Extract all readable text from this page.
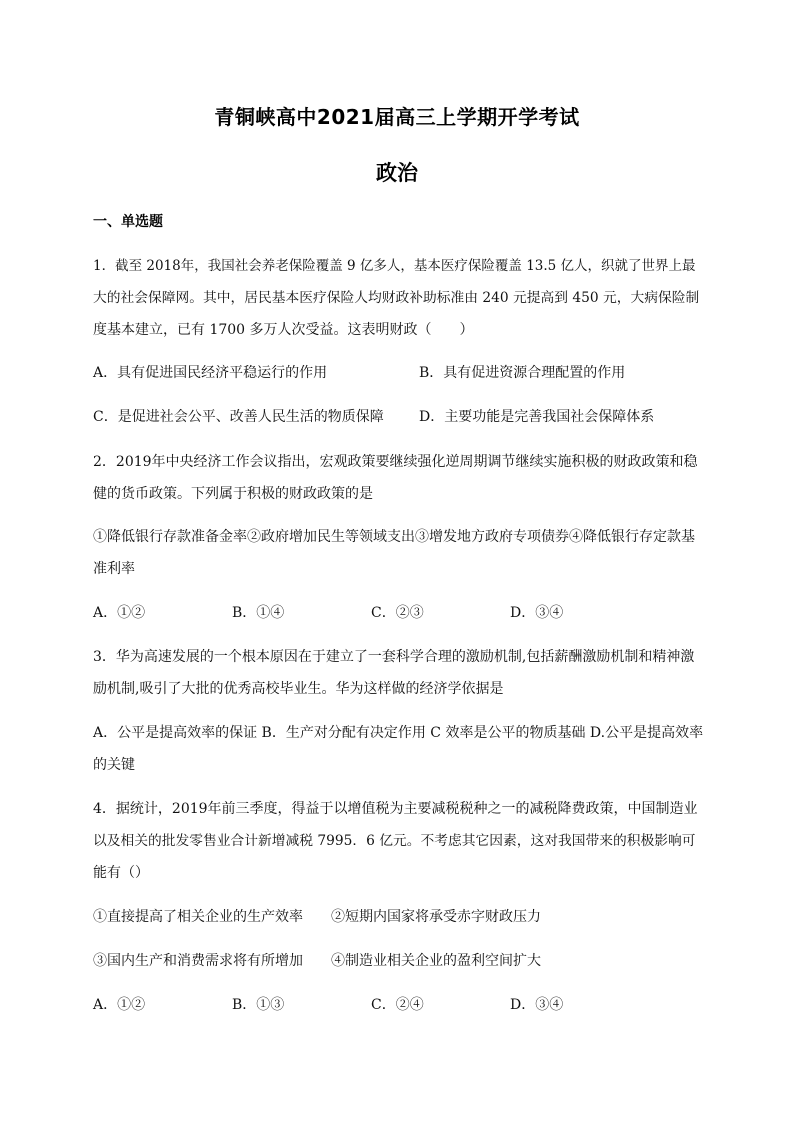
青铜峡高中2021届高三上学期开学考试
政治
一、单选题
1．截至 2018年，我国社会养老保险覆盖 9 亿多人，基本医疗保险覆盖 13.5 亿人，织就了世界上最
大的社会保障网。其中，居民基本医疗保险人均财政补助标准由 240 元提高到 450 元，大病保险制
度基本建立，已有 1700 多万人次受益。这表明财政（　　）
A．具有促进国民经济平稳运行的作用	B．具有促进资源合理配置的作用
C．是促进社会公平、改善人民生活的物质保障	D．主要功能是完善我国社会保障体系
2．2019年中央经济工作会议指出，宏观政策要继续强化逆周期调节继续实施积极的财政政策和稳
健的货币政策。下列属于积极的财政政策的是
①降低银行存款准备金率②政府增加民生等领域支出③增发地方政府专项债券④降低银行存定款基
准利率
A．①②	B．①④	C．②③	D．③④
3．华为高速发展的一个根本原因在于建立了一套科学合理的激励机制,包括薪酬激励机制和精神激
励机制,吸引了大批的优秀高校毕业生。华为这样做的经济学依据是
A．公平是提高效率的保证 B．生产对分配有决定作用 C 效率是公平的物质基础 D.公平是提高效率
的关键
4．据统计，2019年前三季度，得益于以增值税为主要减税税种之一的减税降费政策，中国制造业
以及相关的批发零售业合计新增减税 7995．6 亿元。不考虑其它因素，这对我国带来的积极影响可
能有（）
①直接提高了相关企业的生产效率　　②短期内国家将承受赤字财政压力
③国内生产和消费需求将有所增加　　④制造业相关企业的盈利空间扩大
A．①②	B．①③	C．②④	D．③④
